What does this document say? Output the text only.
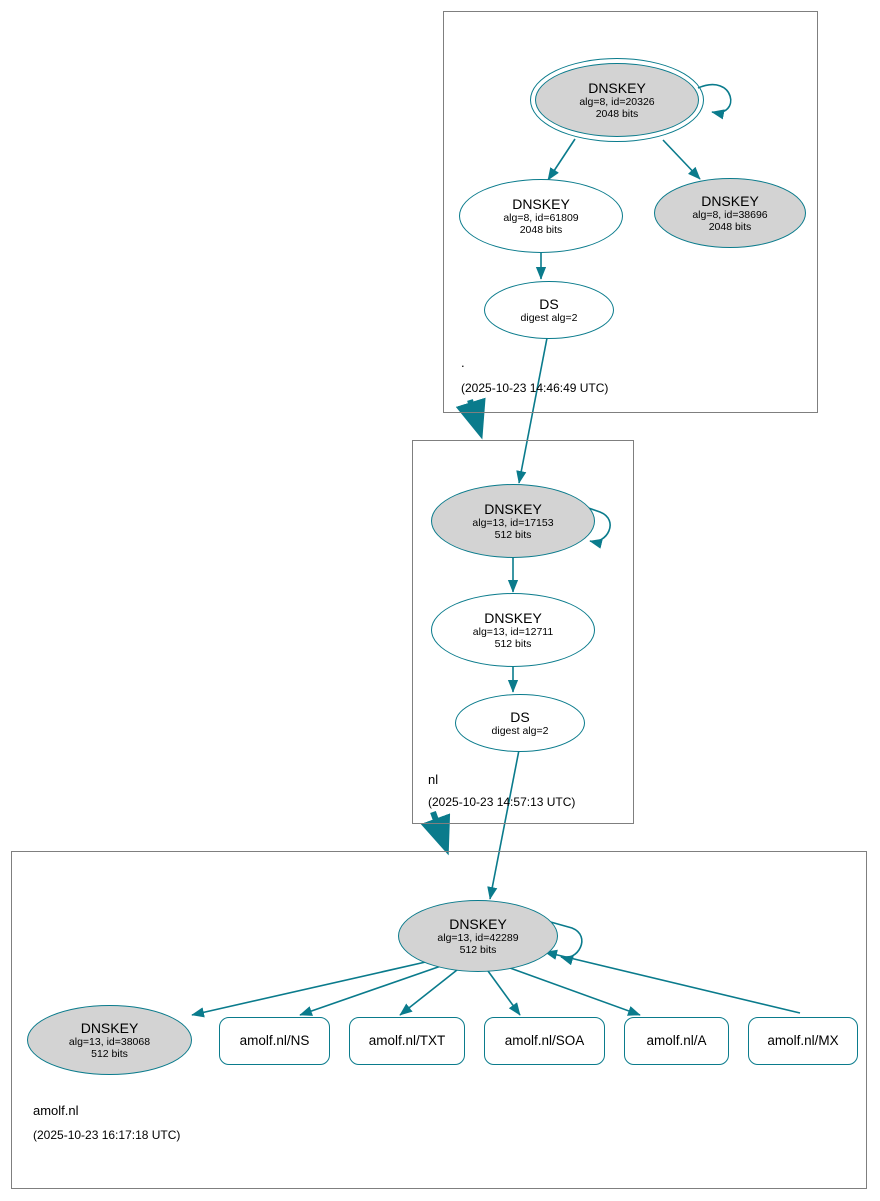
.
(2025-10-23 14:46:49 UTC)
DNSKEY
alg=8, id=20326
2048 bits
DNSKEY
alg=8, id=61809
2048 bits
DNSKEY
alg=8, id=38696
2048 bits
DS
digest alg=2
nl
(2025-10-23 14:57:13 UTC)
DNSKEY
alg=13, id=17153
512 bits
DNSKEY
alg=13, id=12711
512 bits
DS
digest alg=2
amolf.nl
(2025-10-23 16:17:18 UTC)
DNSKEY
alg=13, id=42289
512 bits
DNSKEY
alg=13, id=38068
512 bits
amolf.nl/NS	amolf.nl/TXT	amolf.nl/SOA	amolf.nl/A	amolf.nl/MX
